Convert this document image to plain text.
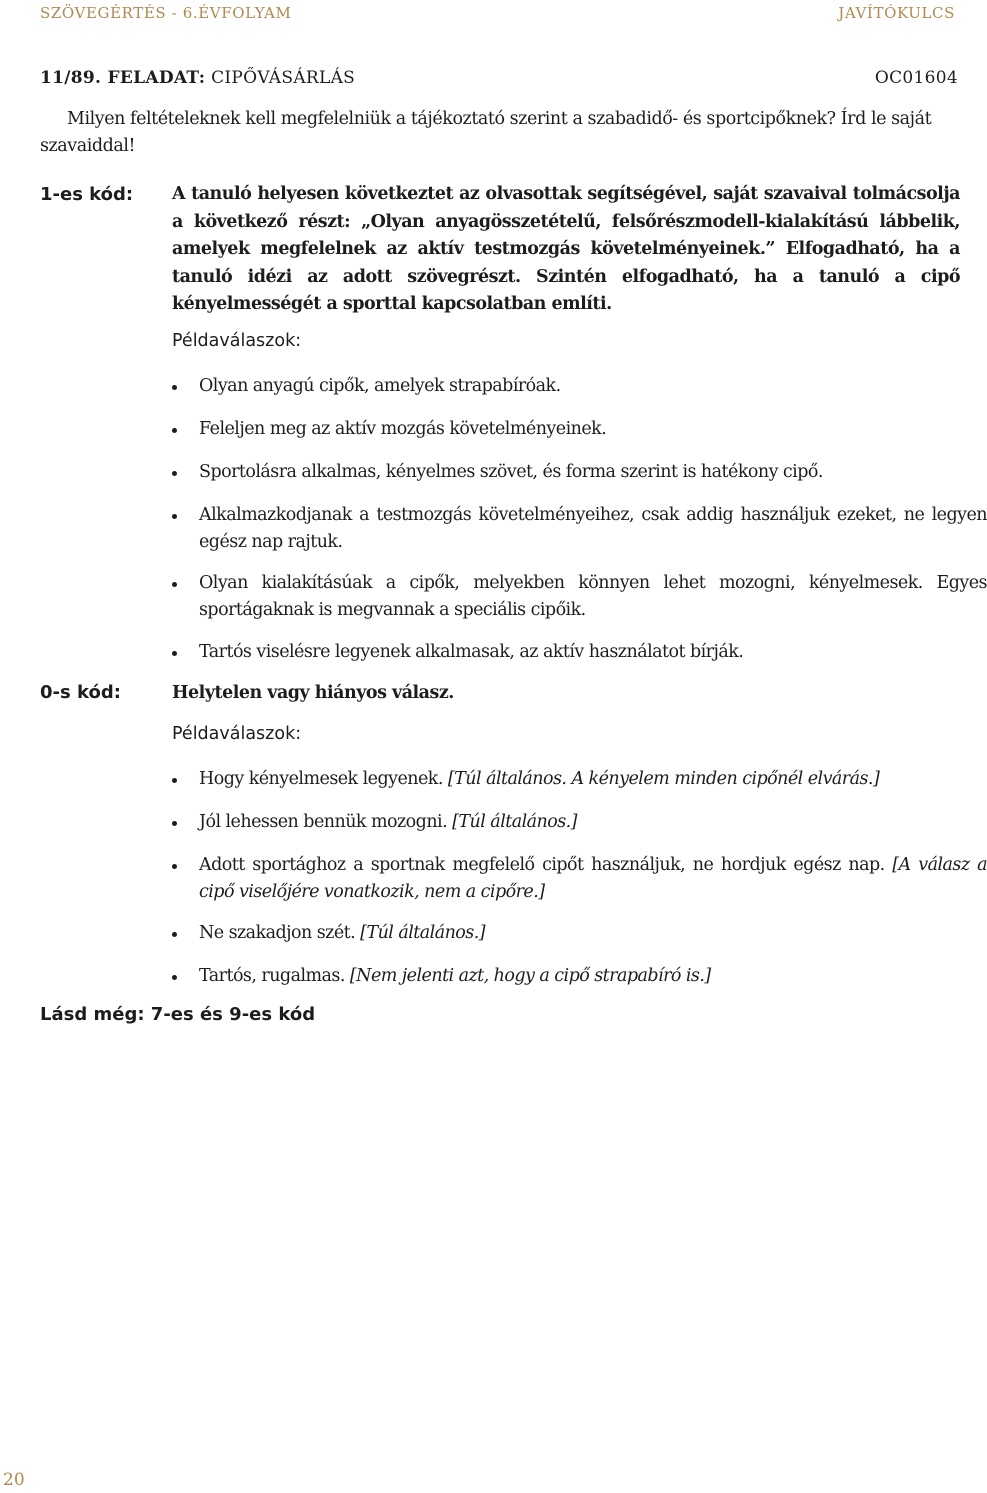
SZÖVEGÉRTÉS - 6.ÉVFOLYAM	JAVÍTÓKULCS
11/89. FELADAT: CIPŐVÁSÁRLÁS	OC01604
Milyen feltételeknek kell megfelelniük a tájékoztató szerint a szabadidő- és sportcipőknek? Írd le saját szavaiddal!
1-es kód: A tanuló helyesen következtet az olvasottak segítségével, saját szavaival tolmácsolja a következő részt: „Olyan anyagösszetételű, felsőrészmodell-kialakítású lábbelik, amelyek megfelelnek az aktív testmozgás követelményeinek.” Elfogadható, ha a tanuló idézi az adott szövegrészt. Szintén elfogadható, ha a tanuló a cipő kényelmességét a sporttal kapcsolatban említi.
Példaválaszok:
Olyan anyagú cipők, amelyek strapabíróak.
Feleljen meg az aktív mozgás követelményeinek.
Sportolásra alkalmas, kényelmes szövet, és forma szerint is hatékony cipő.
Alkalmazkodjanak a testmozgás követelményeihez, csak addig használjuk ezeket, ne legyen egész nap rajtuk.
Olyan kialakításúak a cipők, melyekben könnyen lehet mozogni, kényelmesek. Egyes sportágaknak is megvannak a speciális cipőik.
Tartós viselésre legyenek alkalmasak, az aktív használatot bírják.
0-s kód:	Helytelen vagy hiányos válasz.
Példaválaszok:
Hogy kényelmesek legyenek. [Túl általános. A kényelem minden cipőnél elvárás.]
Jól lehessen bennük mozogni. [Túl általános.]
Adott sportághoz a sportnak megfelelő cipőt használjuk, ne hordjuk egész nap. [A válasz a cipő viselőjére vonatkozik, nem a cipőre.]
Ne szakadjon szét. [Túl általános.]
Tartós, rugalmas. [Nem jelenti azt, hogy a cipő strapabíró is.]
Lásd még: 7-es és 9-es kód
20
